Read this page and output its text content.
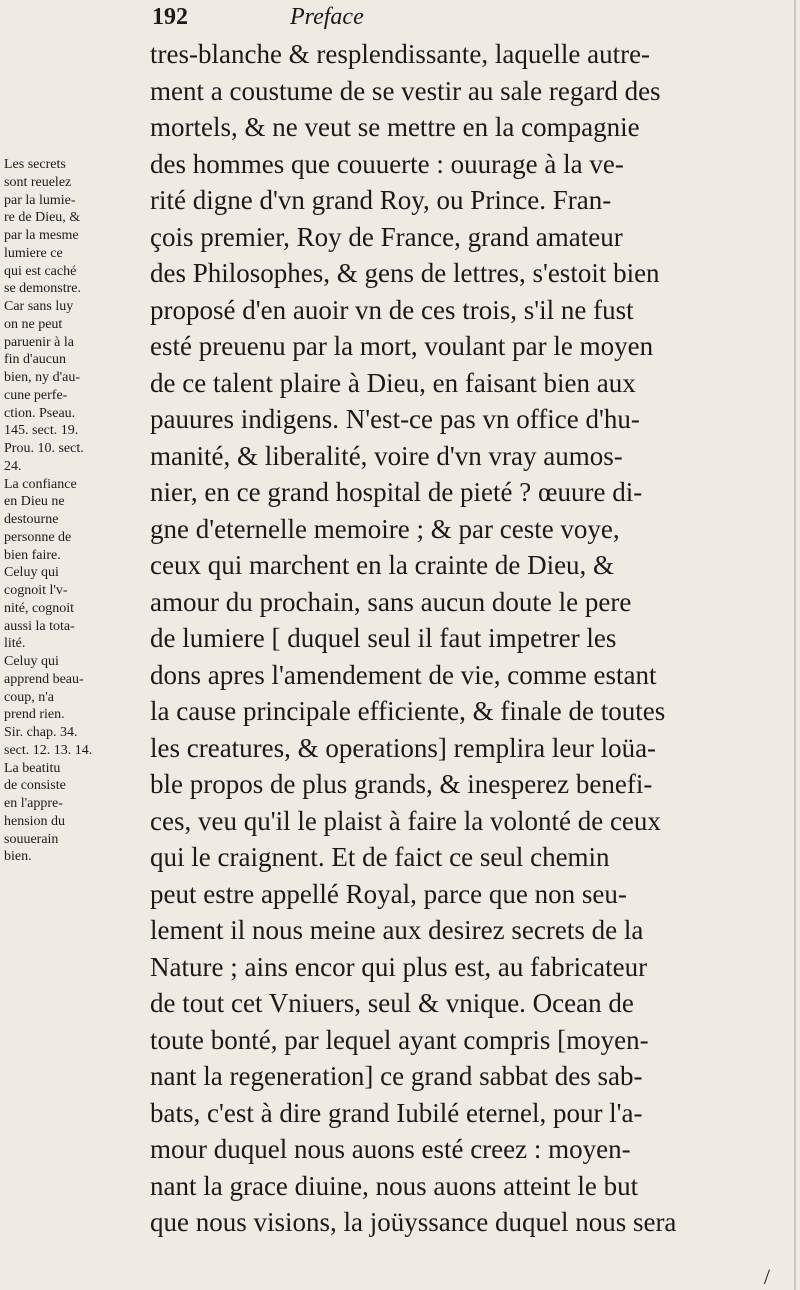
192	Preface
tres-blanche & resplendissante, laquelle autre-
ment a coustume de se vestir au sale regard des
mortels, & ne veut se mettre en la compagnie
des hommes que couuerte : ouurage à la ve-
rité digne d'vn grand Roy, ou Prince. Fran-
çois premier, Roy de France, grand amateur
des Philosophes, & gens de lettres, s'estoit bien
proposé d'en auoir vn de ces trois, s'il ne fust
esté preuenu par la mort, voulant par le moyen
de ce talent plaire à Dieu, en faisant bien aux
pauures indigens. N'est-ce pas vn office d'hu-
manité, & liberalité, voire d'vn vray aumos-
nier, en ce grand hospital de pieté ? œuure di-
gne d'eternelle memoire ; & par ceste voye,
ceux qui marchent en la crainte de Dieu, &
amour du prochain, sans aucun doute le pere
de lumiere [ duquel seul il faut impetrer les
dons apres l'amendement de vie, comme estant
la cause principale efficiente, & finale de toutes
les creatures, & operations] remplira leur loüa-
ble propos de plus grands, & inesperez benefi-
ces, veu qu'il le plaist à faire la volonté de ceux
qui le craignent. Et de faict ce seul chemin
peut estre appellé Royal, parce que non seu-
lement il nous meine aux desirez secrets de la
Nature ; ains encor qui plus est, au fabricateur
de tout cet Vniuers, seul & vnique. Ocean de
toute bonté, par lequel ayant compris [moyen-
nant la regeneration] ce grand sabbat des sab-
bats, c'est à dire grand Iubilé eternel, pour l'a-
mour duquel nous auons esté creez : moyen-
nant la grace diuine, nous auons atteint le but
que nous visions, la joüyssance duquel nous sera
Les secrets
sont reuelez
par la lumie-
re de Dieu, &
par la mesme
lumiere ce
qui est caché
se demonstre.
Car sans luy
on ne peut
paruenir à la
fin d'aucun
bien, ny d'au-
cune perfe-
ction. Pseau.
145. sect. 19.
Prou. 10. sect.
24.
La confiance
en Dieu ne
destourne
personne de
bien faire.
Celuy qui
cognoit l'v-
nité, cognoit
aussi la tota-
lité.
Celuy qui
apprend beau-
coup, n'a
prend rien.
Sir. chap. 34.
sect. 12. 13. 14.
La beatitu
de consiste
en l'appre-
hension du
souuerain
bien.
/
